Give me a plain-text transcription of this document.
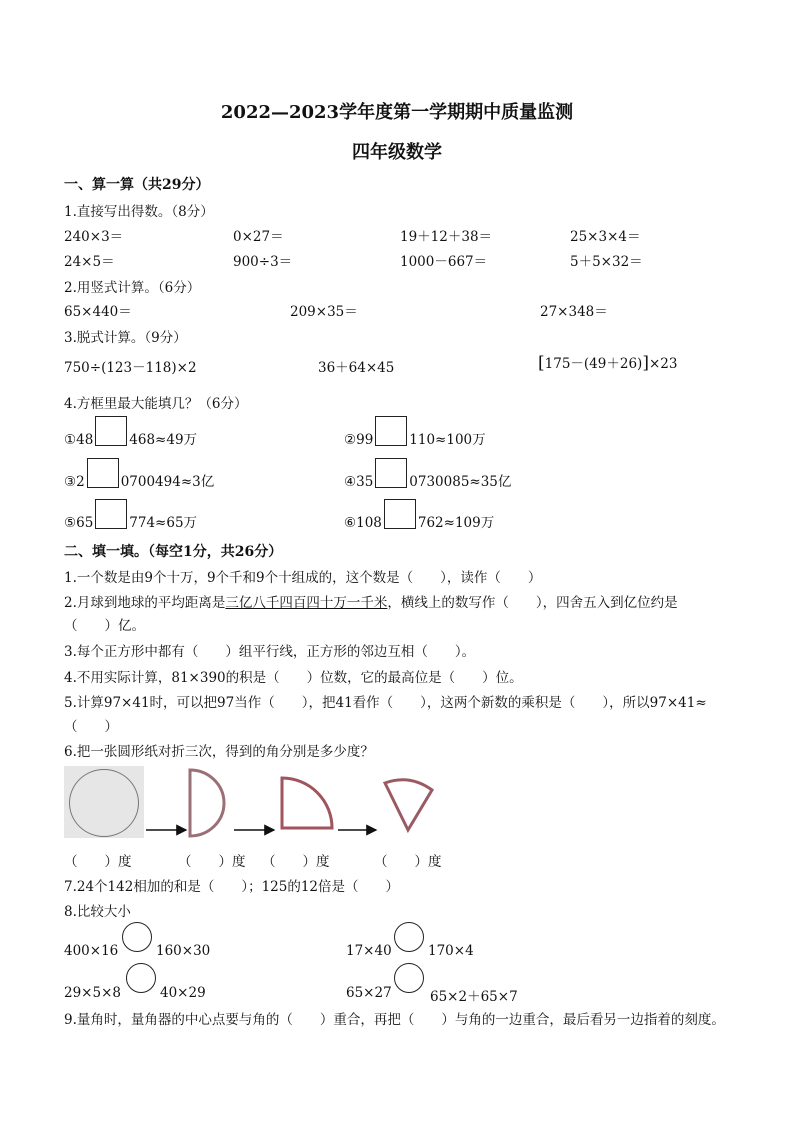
2022—2023学年度第一学期期中质量监测
四年级数学
一、算一算（共29分）
1.直接写出得数。（8分）
240×3＝	0×27＝	19＋12＋38＝	25×3×4＝
24×5＝	900÷3＝	1000－667＝	5＋5×32＝
2.用竖式计算。（6分）
65×440＝	209×35＝	27×348＝
3.脱式计算。（9分）
750÷(123－118)×2	36＋64×45	[175－(49＋26)]×23
4.方框里最大能填几？（6分）
①48	468≈49万	②99	110≈100万
③2	0700494≈3亿	④35	0730085≈35亿
⑤65	774≈65万	⑥108	762≈109万
二、填一填。（每空1分，共26分）
1.一个数是由9个十万，9个千和9个十组成的，这个数是（　　），读作（　　）
2.月球到地球的平均距离是三亿八千四百四十万一千米，横线上的数写作（　　），四舍五入到亿位约是
（　　）亿。
3.每个正方形中都有（　　）组平行线，正方形的邻边互相（　　）。
4.不用实际计算，81×390的积是（　　）位数，它的最高位是（　　）位。
5.计算97×41时，可以把97当作（　　），把41看作（　　），这两个新数的乘积是（　　），所以97×41≈
（　　）
6.把一张圆形纸对折三次，得到的角分别是多少度？
（　　）度	（　　）度 （　　）度	（　　）度
7.24个142相加的和是（　　）；125的12倍是（　　）
8.比较大小
400×16	160×30	17×40	170×4
29×5×8	40×29	65×27	65×2＋65×7
9.量角时，量角器的中心点要与角的（　　）重合，再把（　　）与角的一边重合，最后看另一边指着的刻度。
